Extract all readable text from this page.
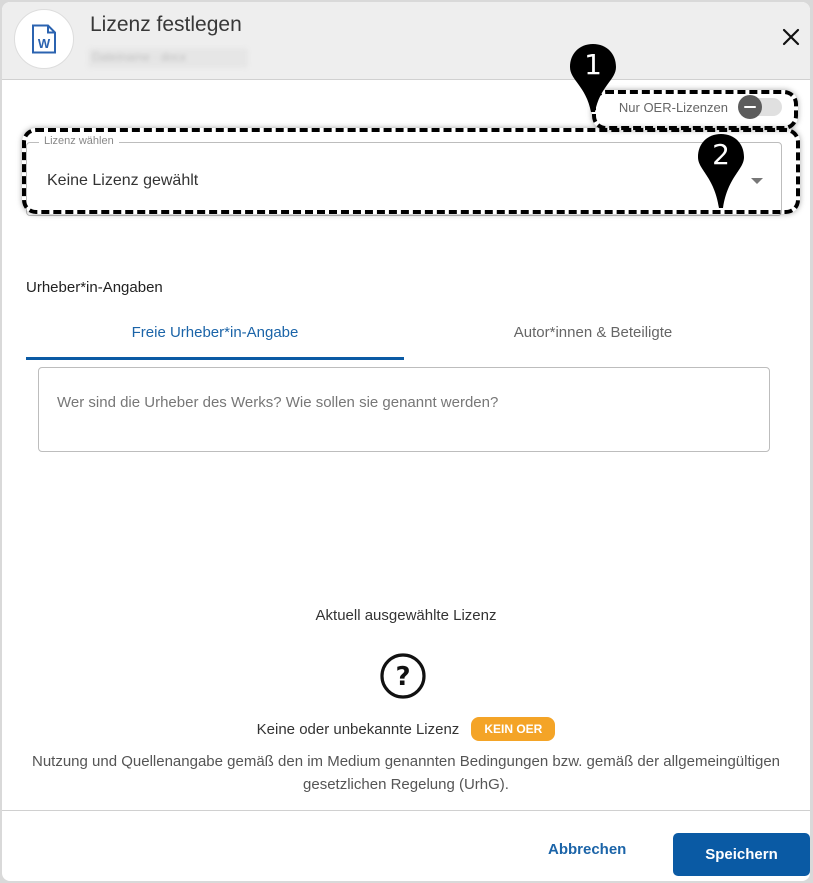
W
Lizenz festlegen
Dateiname · docx
Nur OER-Lizenzen
Lizenz wählen
Keine Lizenz gewählt
1
2
Urheber*in-Angaben
Freie Urheber*in-Angabe	Autor*innen & Beteiligte
Wer sind die Urheber des Werks? Wie sollen sie genannt werden?
Aktuell ausgewählte Lizenz
?
Keine oder unbekannte Lizenz	KEIN OER
Nutzung und Quellenangabe gemäß den im Medium genannten Bedingungen bzw. gemäß der allgemeingültigen gesetzlichen Regelung (UrhG).
Abbrechen	Speichern
